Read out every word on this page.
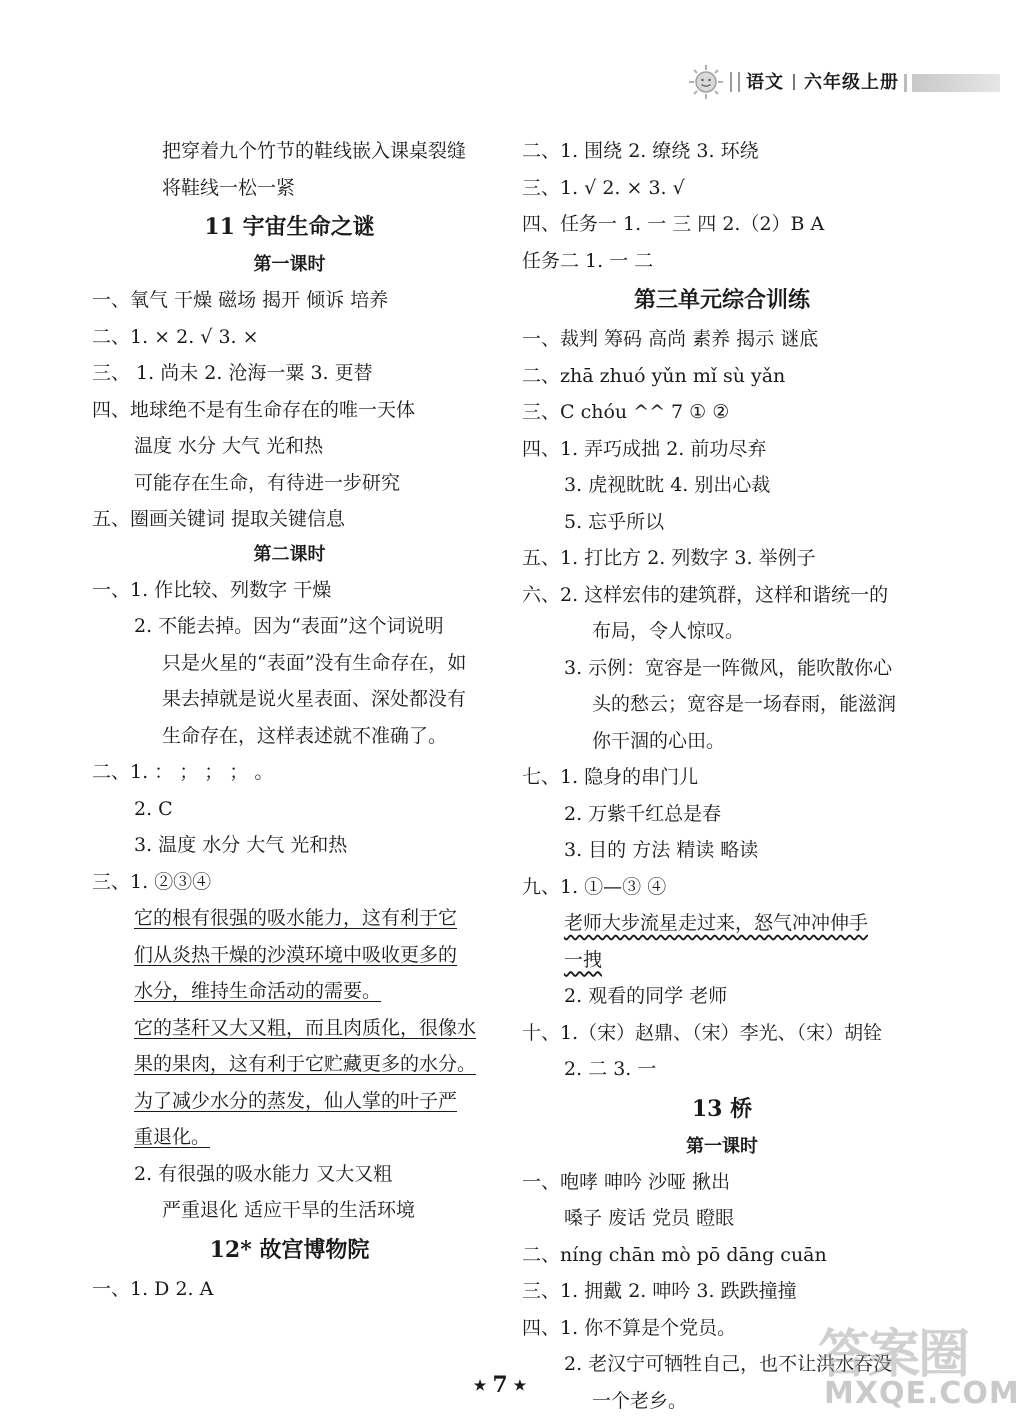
语文 六年级上册
把穿着九个竹节的鞋线嵌入课桌裂缝
将鞋线一松一紧
11 宇宙生命之谜
第一课时
一、氧气 干燥 磁场 揭开 倾诉 培养
二、1. × 2. √ 3. ×
三、 1. 尚未 2. 沧海一粟 3. 更替
四、地球绝不是有生命存在的唯一天体
温度 水分 大气 光和热
可能存在生命，有待进一步研究
五、圈画关键词 提取关键信息
第二课时
一、1. 作比较、列数字 干燥
2. 不能去掉。因为“表面”这个词说明
只是火星的“表面”没有生命存在，如
果去掉就是说火星表面、深处都没有
生命存在，这样表述就不准确了。
二、1. ： ； ； ； 。
2. C
3. 温度 水分 大气 光和热
三、1. ②③④
它的根有很强的吸水能力，这有利于它
们从炎热干燥的沙漠环境中吸收更多的
水分，维持生命活动的需要。
它的茎秆又大又粗，而且肉质化，很像水
果的果肉，这有利于它贮藏更多的水分。
为了减少水分的蒸发，仙人掌的叶子严
重退化。
2. 有很强的吸水能力 又大又粗
严重退化 适应干旱的生活环境
12* 故宫博物院
一、1. D 2. A
二、1. 围绕 2. 缭绕 3. 环绕
三、1. √ 2. × 3. √
四、任务一 1. 一 三 四 2.（2）B A
任务二 1. 一 二
第三单元综合训练
一、裁判 筹码 高尚 素养 揭示 谜底
二、zhā zhuó yǔn mǐ sù yǎn
三、C chóu ^^ 7 ① ②
四、1. 弄巧成拙 2. 前功尽弃
3. 虎视眈眈 4. 别出心裁
5. 忘乎所以
五、1. 打比方 2. 列数字 3. 举例子
六、2. 这样宏伟的建筑群，这样和谐统一的
布局，令人惊叹。
3. 示例：宽容是一阵微风，能吹散你心
头的愁云；宽容是一场春雨，能滋润
你干涸的心田。
七、1. 隐身的串门儿
2. 万紫千红总是春
3. 目的 方法 精读 略读
九、1. ①—③ ④
老师大步流星走过来，怒气冲冲伸手
一拽
2. 观看的同学 老师
十、1.（宋）赵鼎、（宋）李光、（宋）胡铨
2. 二 3. 一
13 桥
第一课时
一、咆哮 呻吟 沙哑 揪出
嗓子 废话 党员 瞪眼
二、níng chān mò pō dāng cuān
三、1. 拥戴 2. 呻吟 3. 跌跌撞撞
四、1. 你不算是个党员。
2. 老汉宁可牺牲自己，也不让洪水吞没
一个老乡。
★ 7 ★
答案圈
MXQE.COM
